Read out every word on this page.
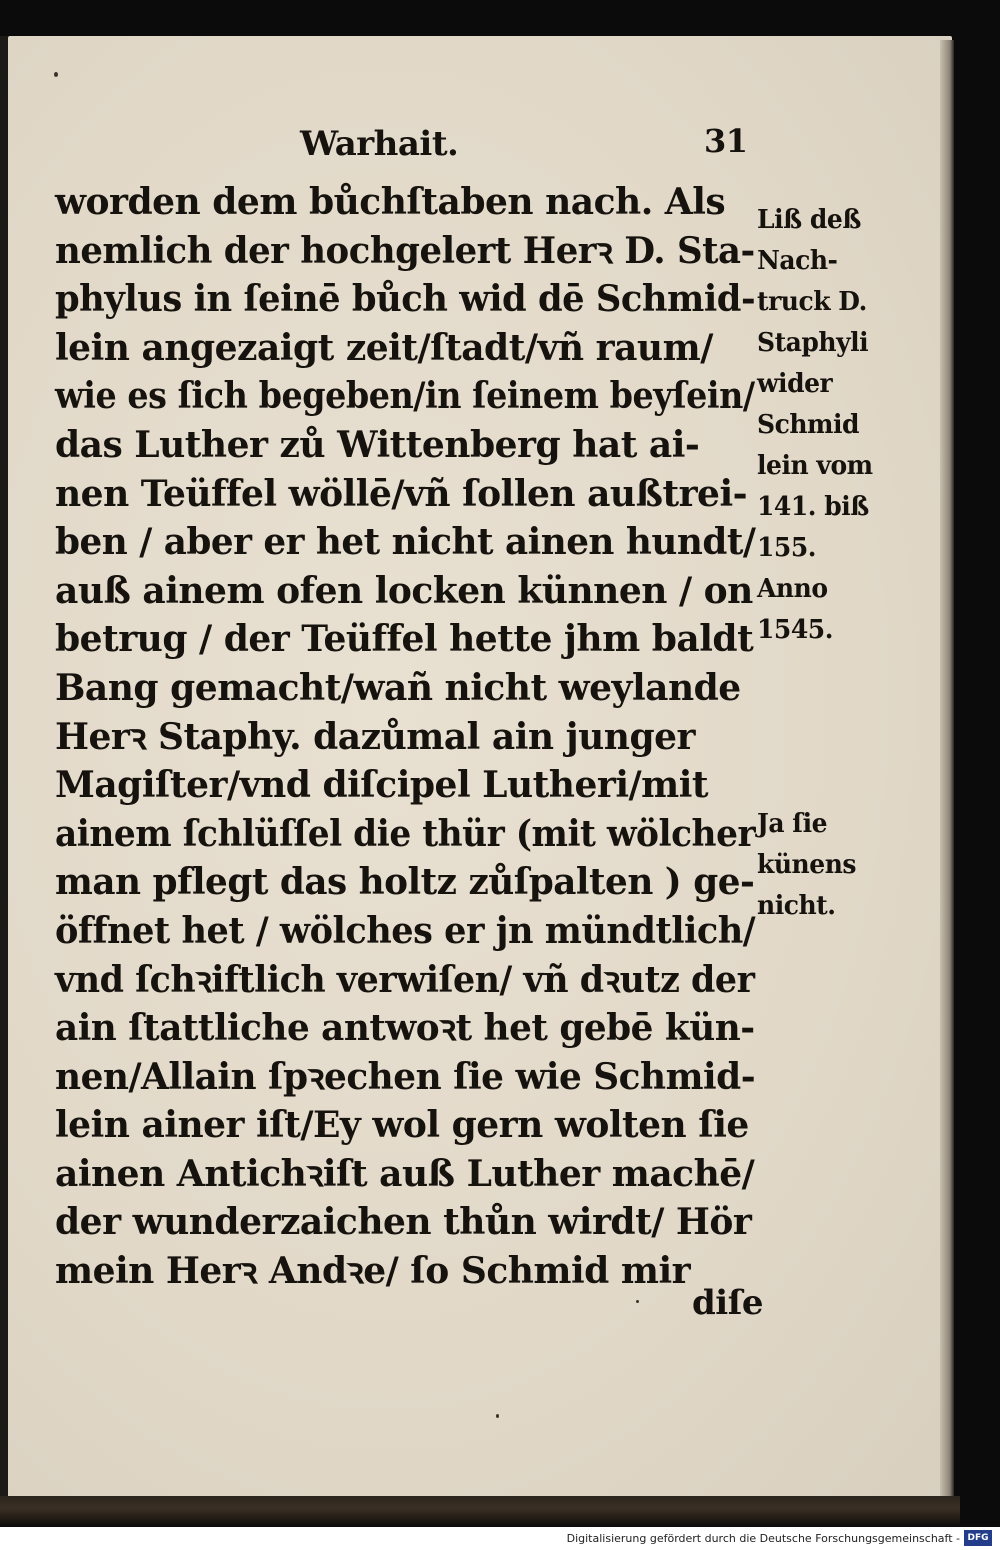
Warhait.	31
worden dem bůchſtaben nach. Als
nemlich der hochgelert Herꝛ D. Sta‑
phylus in ſeinē bůch wid dē Schmid‑
lein angezaigt zeit/ſtadt/vñ raum/
wie es ſich begeben/in ſeinem beyſein/
das Luther zů Wittenberg hat ai‑
nen Teüffel wöllē/vñ ſollen außtrei‑
ben / aber er het nicht ainen hundt/
auß ainem ofen locken künnen / on
betrug / der Teüffel hette jhm baldt
Bang gemacht/wañ nicht weylande
Herꝛ Staphy. dazůmal ain junger
Magiſter/vnd diſcipel Lutheri/mit
ainem ſchlüſſel die thür (mit wölcher
man pflegt das holtz zůſpalten ) ge‑
öffnet het / wölches er jn mündtlich/
vnd ſchꝛiftlich verwiſen/ vñ dꝛutz der
ain ſtattliche antwoꝛt het gebē kün‑
nen/Allain ſpꝛechen ſie wie Schmid‑
lein ainer iſt/Ey wol gern wolten ſie
ainen Antichꝛiſt auß Luther machē/
der wunderzaichen thůn wirdt/ Hör
mein Herꝛ Andꝛe/ ſo Schmid mir
diſe
Liß deß
Nach‑
truck D.
Staphyli
wider
Schmid
lein vom
141. biß
155.
Anno
1545.
Ja ſie
künens
nicht.
Digitalisierung gefördert durch die Deutsche Forschungsgemeinschaft - DFG
